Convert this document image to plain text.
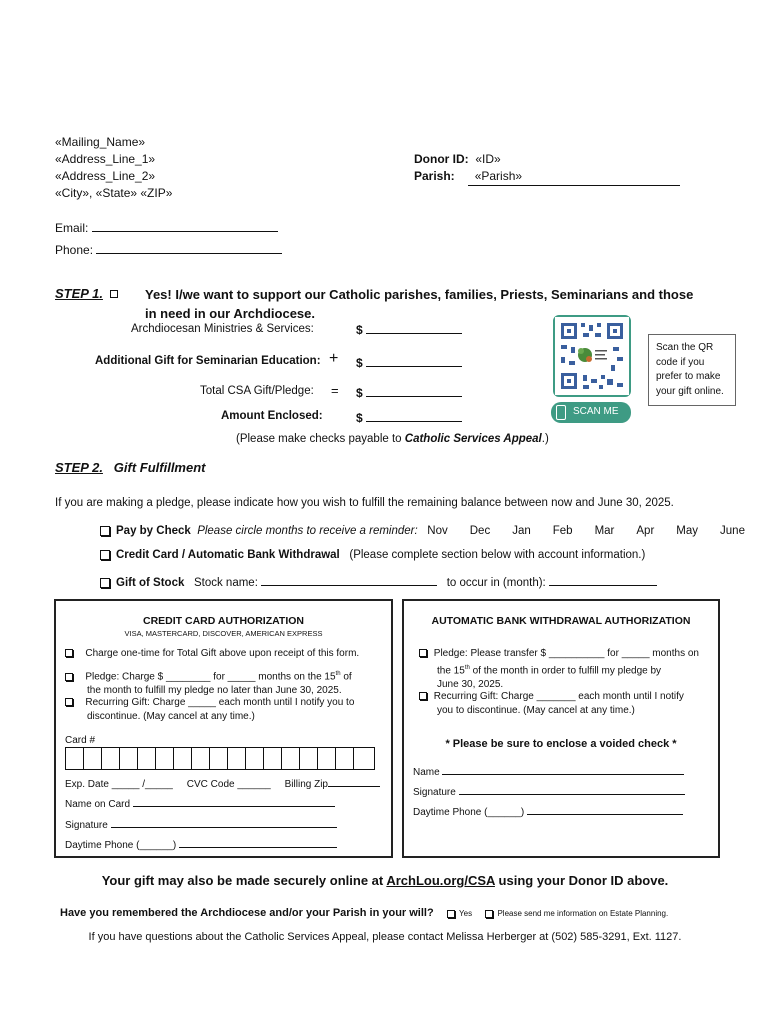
«Mailing_Name»
«Address_Line_1»
«Address_Line_2»
«City», «State» «ZIP»
Donor ID: «ID»
Parish: «Parish»
Email:
Phone:
STEP 1.	Yes! I/we want to support our Catholic parishes, families, Priests, Seminarians and those
in need in our Archdiocese.
Archdiocesan Ministries & Services:	$
Additional Gift for Seminarian Education: + $
Total CSA Gift/Pledge: = $
Amount Enclosed:	$
(Please make checks payable to Catholic Services Appeal.)
SCAN ME
Scan the QR code if you prefer to make your gift online.
STEP 2. Gift Fulfillment
If you are making a pledge, please indicate how you wish to fulfill the remaining balance between now and June 30, 2025.
Pay by Check Please circle months to receive a reminder: Nov Dec Jan Feb Mar Apr May June
Credit Card / Automatic Bank Withdrawal (Please complete section below with account information.)
Gift of Stock Stock name:	to occur in (month):
CREDIT CARD AUTHORIZATION
VISA, MASTERCARD, DISCOVER, AMERICAN EXPRESS
Charge one-time for Total Gift above upon receipt of this form.
Pledge: Charge $ ________ for _____ months on the 15th of
the month to fulfill my pledge no later than June 30, 2025.
Recurring Gift: Charge _____ each month until I notify you to
discontinue. (May cancel at any time.)
Card #
Exp. Date _____ /_____ CVC Code ______ Billing Zip
Name on Card
Signature
Daytime Phone (______)
AUTOMATIC BANK WITHDRAWAL AUTHORIZATION
Pledge: Please transfer $ __________ for _____ months on
the 15th of the month in order to fulfill my pledge by
June 30, 2025.
Recurring Gift: Charge _______ each month until I notify
you to discontinue. (May cancel at any time.)
* Please be sure to enclose a voided check *
Name
Signature
Daytime Phone (______)
Your gift may also be made securely online at ArchLou.org/CSA using your Donor ID above.
Have you remembered the Archdiocese and/or your Parish in your will?	Yes	Please send me information on Estate Planning.
If you have questions about the Catholic Services Appeal, please contact Melissa Herberger at (502) 585-3291, Ext. 1127.
